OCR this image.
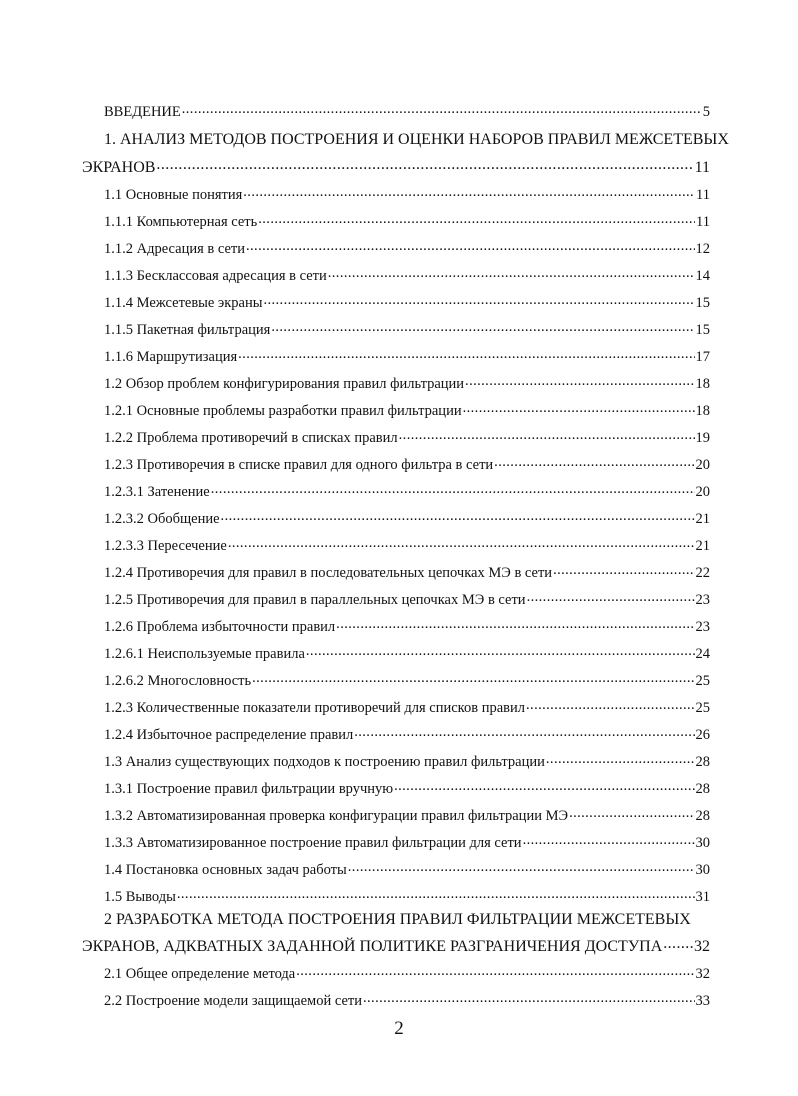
ВВЕДЕНИЕ .....	5
1. АНАЛИЗ МЕТОДОВ ПОСТРОЕНИЯ И ОЦЕНКИ НАБОРОВ ПРАВИЛ МЕЖСЕТЕВЫХ
ЭКРАНОВ .....	11
1.1 Основные понятия .....	11
1.1.1 Компьютерная сеть .....	11
1.1.2 Адресация в сети .....	12
1.1.3 Бесклассовая адресация в сети .....	14
1.1.4 Межсетевые экраны .....	15
1.1.5 Пакетная фильтрация .....	15
1.1.6 Маршрутизация .....	17
1.2 Обзор проблем конфигурирования правил фильтрации .....	18
1.2.1 Основные проблемы разработки правил фильтрации .....	18
1.2.2 Проблема противоречий в списках правил .....	19
1.2.3 Противоречия в списке правил для одного фильтра в сети .....	20
1.2.3.1 Затенение .....	20
1.2.3.2 Обобщение .....	21
1.2.3.3 Пересечение .....	21
1.2.4 Противоречия для правил в последовательных цепочках МЭ в сети .....	22
1.2.5 Противоречия для правил в параллельных цепочках МЭ в сети .....	23
1.2.6 Проблема избыточности правил .....	23
1.2.6.1 Неиспользуемые правила .....	24
1.2.6.2 Многословность .....	25
1.2.3 Количественные показатели противоречий для списков правил .....	25
1.2.4 Избыточное распределение правил .....	26
1.3 Анализ существующих подходов к построению правил фильтрации .....	28
1.3.1 Построение правил фильтрации вручную .....	28
1.3.2 Автоматизированная проверка конфигурации правил фильтрации МЭ .....	28
1.3.3 Автоматизированное построение правил фильтрации для сети .....	30
1.4 Постановка основных задач работы .....	30
1.5 Выводы .....	31
2 РАЗРАБОТКА МЕТОДА ПОСТРОЕНИЯ ПРАВИЛ ФИЛЬТРАЦИИ МЕЖСЕТЕВЫХ
ЭКРАНОВ, АДКВАТНЫХ ЗАДАННОЙ ПОЛИТИКЕ РАЗГРАНИЧЕНИЯ ДОСТУПА ..... 32
2.1 Общее определение метода .....	32
2.2 Построение модели защищаемой сети .....	33
2
